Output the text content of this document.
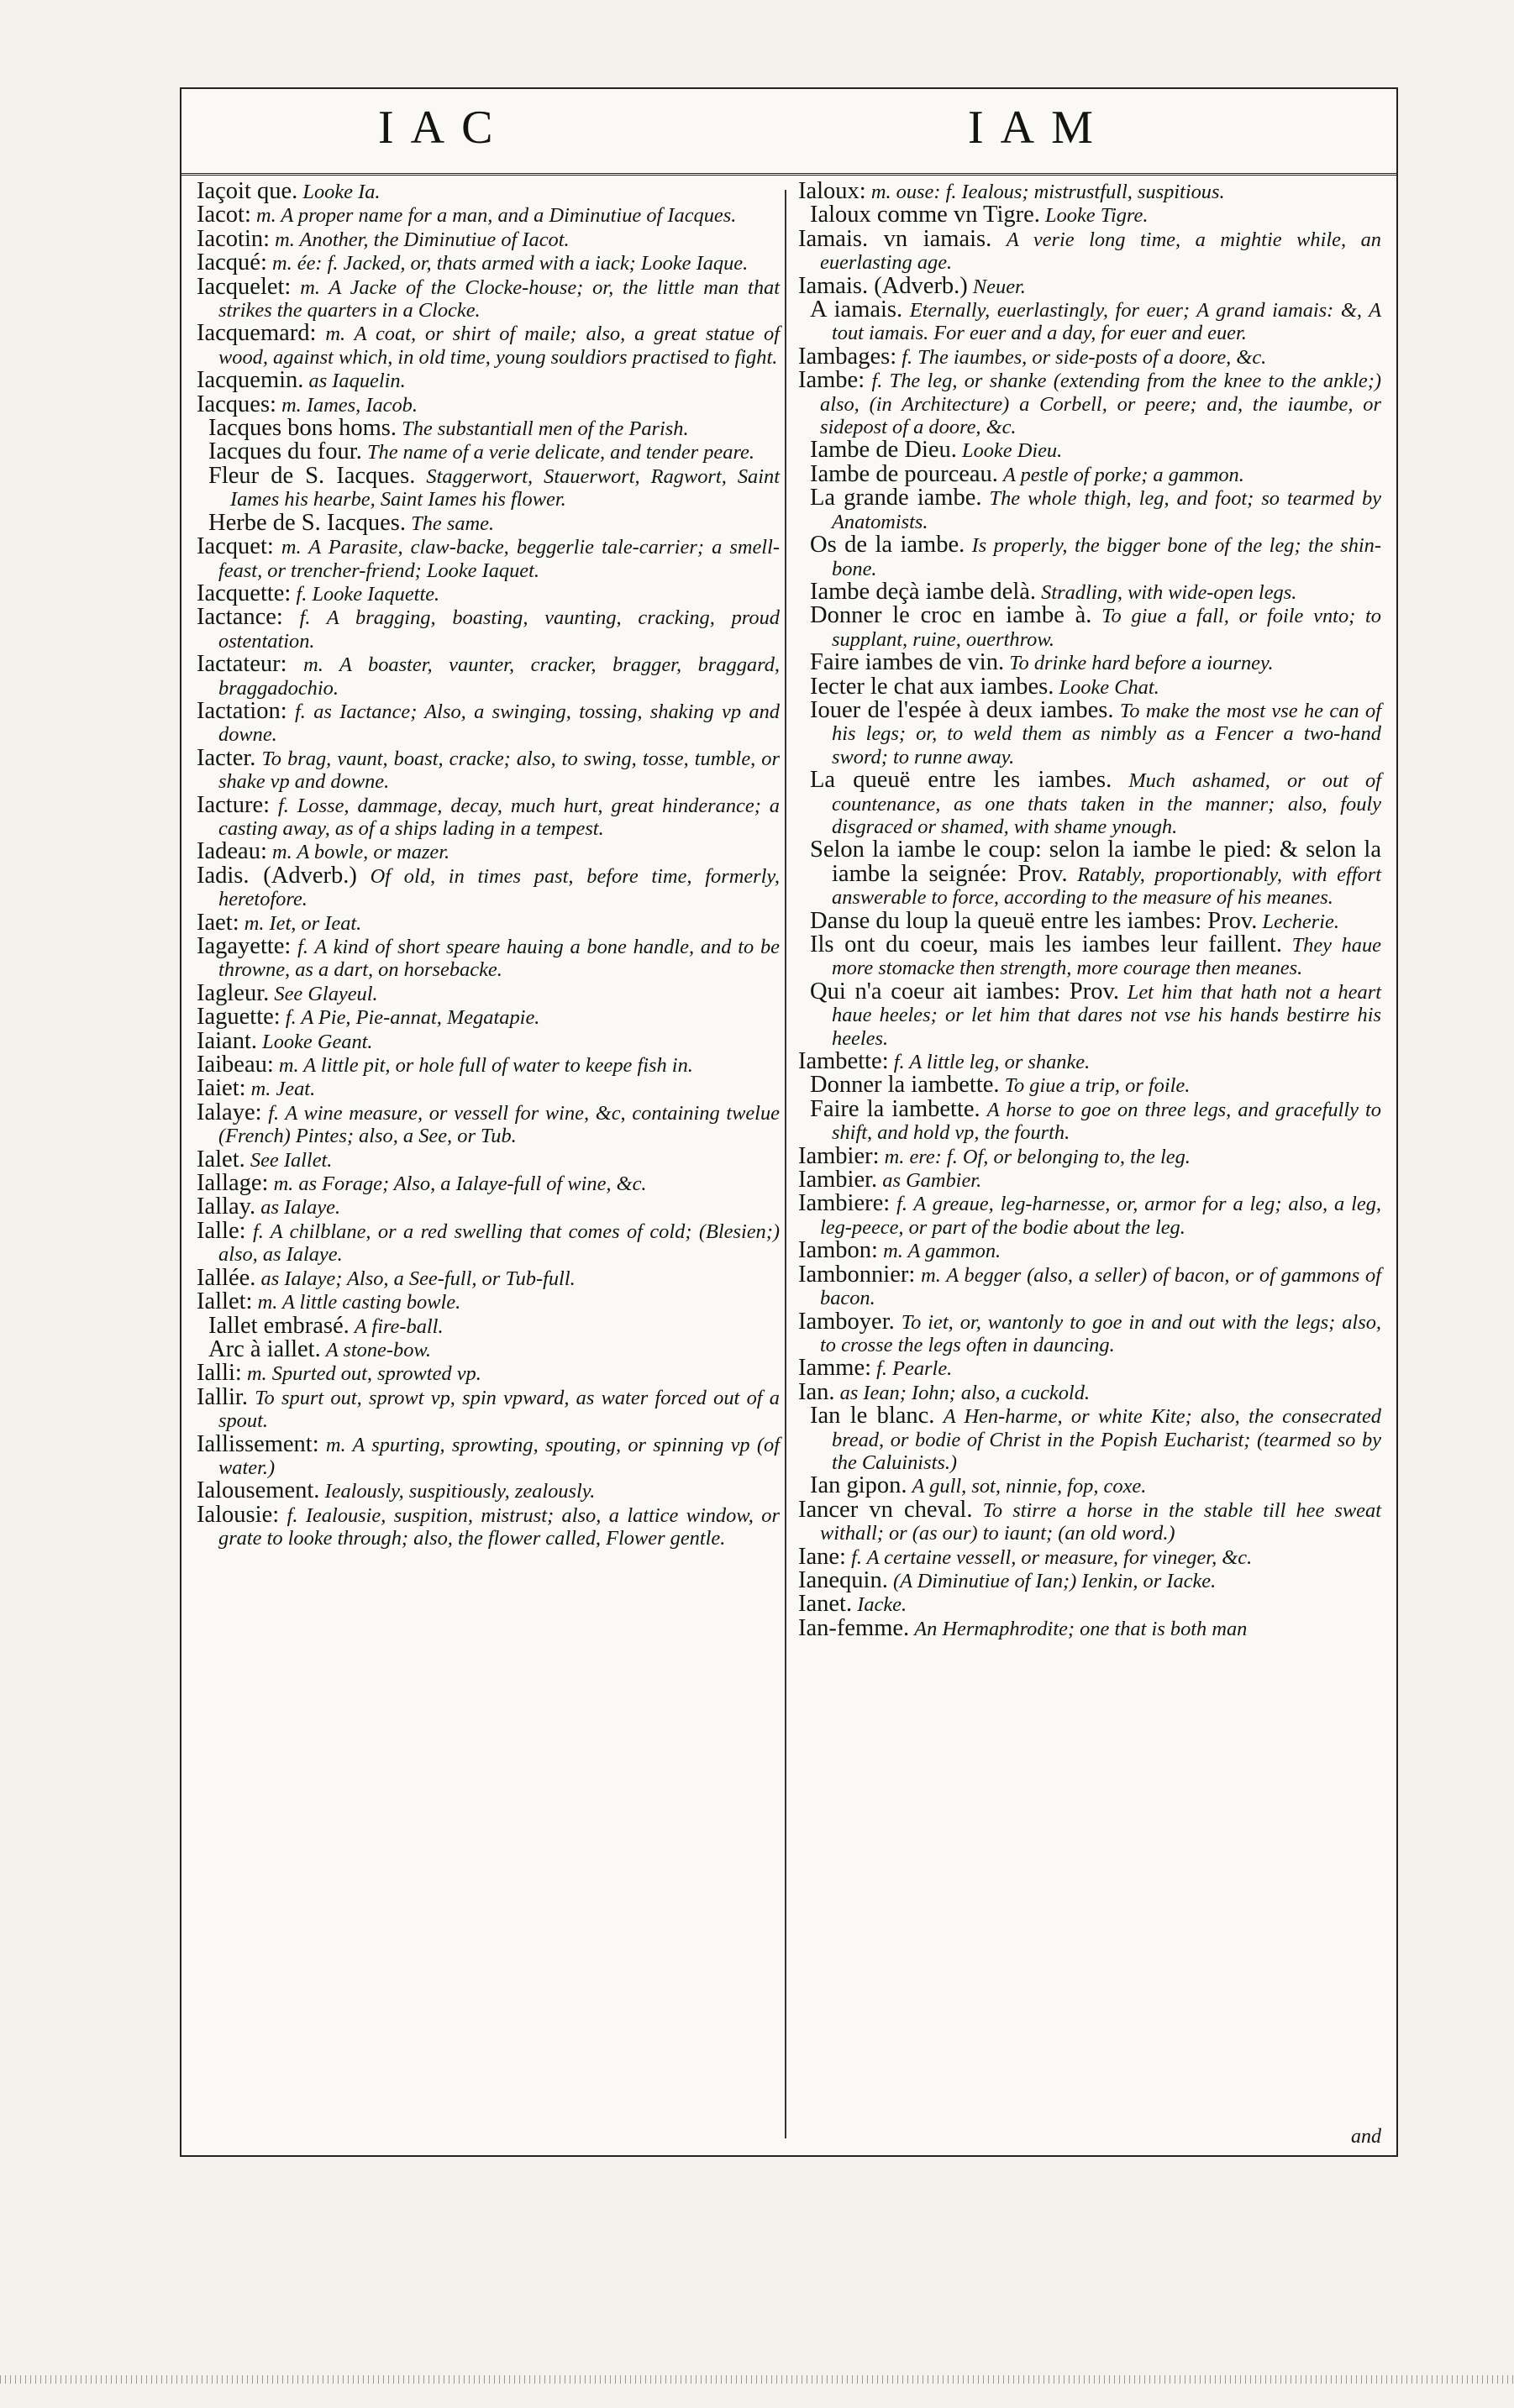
IAC	IAM

Iaçoit que. Looke Ia.

Iacot: m. A proper name for a man, and a Diminutiue of Iacques.

Iacotin: m. Another, the Diminutiue of Iacot.

Iacqué: m. ée: f. Jacked, or, thats armed with a iack; Looke Iaque.

Iacquelet: m. A Jacke of the Clocke-house; or, the little man that strikes the quarters in a Clocke.

Iacquemard: m. A coat, or shirt of maile; also, a great statue of wood, against which, in old time, young souldiors practised to fight.

Iacquemin. as Iaquelin.

Iacques: m. Iames, Iacob.

Iacques bons homs. The substantiall men of the Parish.

Iacques du four. The name of a verie delicate, and tender peare.

Fleur de S. Iacques. Staggerwort, Stauerwort, Ragwort, Saint Iames his hearbe, Saint Iames his flower.

Herbe de S. Iacques. The same.

Iacquet: m. A Parasite, claw-backe, beggerlie tale-carrier; a smell-feast, or trencher-friend; Looke Iaquet.

Iacquette: f. Looke Iaquette.

Iactance: f. A bragging, boasting, vaunting, cracking, proud ostentation.

Iactateur: m. A boaster, vaunter, cracker, bragger, braggard, braggadochio.

Iactation: f. as Iactance; Also, a swinging, tossing, shaking vp and downe.

Iacter. To brag, vaunt, boast, cracke; also, to swing, tosse, tumble, or shake vp and downe.

Iacture: f. Losse, dammage, decay, much hurt, great hinderance; a casting away, as of a ships lading in a tempest.

Iadeau: m. A bowle, or mazer.

Iadis. (Adverb.) Of old, in times past, before time, formerly, heretofore.

Iaet: m. Iet, or Ieat.

Iagayette: f. A kind of short speare hauing a bone handle, and to be throwne, as a dart, on horsebacke.

Iagleur. See Glayeul.

Iaguette: f. A Pie, Pie-annat, Megatapie.

Iaiant. Looke Geant.

Iaibeau: m. A little pit, or hole full of water to keepe fish in.

Iaiet: m. Jeat.

Ialaye: f. A wine measure, or vessell for wine, &c, containing twelue (French) Pintes; also, a See, or Tub.

Ialet. See Iallet.

Iallage: m. as Forage; Also, a Ialaye-full of wine, &c.

Iallay. as Ialaye.

Ialle: f. A chilblane, or a red swelling that comes of cold; (Blesien;) also, as Ialaye.

Iallée. as Ialaye; Also, a See-full, or Tub-full.

Iallet: m. A little casting bowle.

Iallet embrasé. A fire-ball.

Arc à iallet. A stone-bow.

Ialli: m. Spurted out, sprowted vp.

Iallir. To spurt out, sprowt vp, spin vpward, as water forced out of a spout.

Iallissement: m. A spurting, sprowting, spouting, or spinning vp (of water.)

Ialousement. Iealously, suspitiously, zealously.

Ialousie: f. Iealousie, suspition, mistrust; also, a lattice window, or grate to looke through; also, the flower called, Flower gentle.

Ialoux: m. ouse: f. Iealous; mistrustfull, suspitious.

Ialoux comme vn Tigre. Looke Tigre.

Iamais. vn iamais. A verie long time, a mightie while, an euerlasting age.

Iamais. (Adverb.) Neuer.

A iamais. Eternally, euerlastingly, for euer; A grand iamais: &, A tout iamais. For euer and a day, for euer and euer.

Iambages: f. The iaumbes, or side-posts of a doore, &c.

Iambe: f. The leg, or shanke (extending from the knee to the ankle;) also, (in Architecture) a Corbell, or peere; and, the iaumbe, or sidepost of a doore, &c.

Iambe de Dieu. Looke Dieu.

Iambe de pourceau. A pestle of porke; a gammon.

La grande iambe. The whole thigh, leg, and foot; so tearmed by Anatomists.

Os de la iambe. Is properly, the bigger bone of the leg; the shin-bone.

Iambe deçà iambe delà. Stradling, with wide-open legs.

Donner le croc en iambe à. To giue a fall, or foile vnto; to supplant, ruine, ouerthrow.

Faire iambes de vin. To drinke hard before a iourney.

Iecter le chat aux iambes. Looke Chat.

Iouer de l'espée à deux iambes. To make the most vse he can of his legs; or, to weld them as nimbly as a Fencer a two-hand sword; to runne away.

La queuë entre les iambes. Much ashamed, or out of countenance, as one thats taken in the manner; also, fouly disgraced or shamed, with shame ynough.

Selon la iambe le coup: selon la iambe le pied: & selon la iambe la seignée: Prov. Ratably, proportionably, with effort answerable to force, according to the measure of his meanes.

Danse du loup la queuë entre les iambes: Prov. Lecherie.

Ils ont du coeur, mais les iambes leur faillent. They haue more stomacke then strength, more courage then meanes.

Qui n'a coeur ait iambes: Prov. Let him that hath not a heart haue heeles; or let him that dares not vse his hands bestirre his heeles.

Iambette: f. A little leg, or shanke.

Donner la iambette. To giue a trip, or foile.

Faire la iambette. A horse to goe on three legs, and gracefully to shift, and hold vp, the fourth.

Iambier: m. ere: f. Of, or belonging to, the leg.

Iambier. as Gambier.

Iambiere: f. A greaue, leg-harnesse, or, armor for a leg; also, a leg, leg-peece, or part of the bodie about the leg.

Iambon: m. A gammon.

Iambonnier: m. A begger (also, a seller) of bacon, or of gammons of bacon.

Iamboyer. To iet, or, wantonly to goe in and out with the legs; also, to crosse the legs often in dauncing.

Iamme: f. Pearle.

Ian. as Iean; Iohn; also, a cuckold.

Ian le blanc. A Hen-harme, or white Kite; also, the consecrated bread, or bodie of Christ in the Popish Eucharist; (tearmed so by the Caluinists.)

Ian gipon. A gull, sot, ninnie, fop, coxe.

Iancer vn cheval. To stirre a horse in the stable till hee sweat withall; or (as our) to iaunt; (an old word.)

Iane: f. A certaine vessell, or measure, for vineger, &c.

Ianequin. (A Diminutiue of Ian;) Ienkin, or Iacke.

Ianet. Iacke.

Ian-femme. An Hermaphrodite; one that is both man

and
